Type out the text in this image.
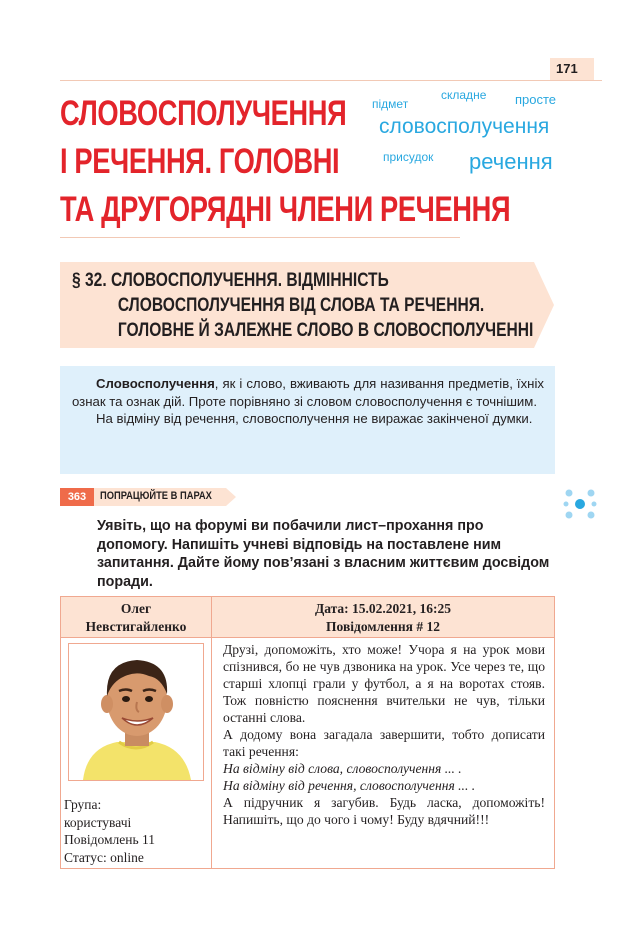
171
СЛОВОСПОЛУЧЕННЯ
І РЕЧЕННЯ. ГОЛОВНІ
ТА ДРУГОРЯДНІ ЧЛЕНИ РЕЧЕННЯ
підмет
складне просте
словосполучення
присудок речення
§ 32. СЛОВОСПОЛУЧЕННЯ. ВІДМІННІСТЬ
СЛОВОСПОЛУЧЕННЯ ВІД СЛОВА ТА РЕЧЕННЯ.
ГОЛОВНЕ Й ЗАЛЕЖНЕ СЛОВО В СЛОВОСПОЛУЧЕННІ

Словосполучення, як і слово, вживають для називання предметів, їхніх ознак та ознак дій. Проте порівняно зі словом словосполучення є точнішим.

На відміну від речення, словосполучення не виражає закінченої думки.

363	ПОПРАЦЮЙТЕ В ПАРАХ
Уявіть, що на форумі ви побачили лист–прохання про допомогу. Напишіть учневі відповідь на поставлене ним запитання. Дайте йому пов’язані з власним життєвим досвідом поради.
Олег
Невстигайленко
Дата: 15.02.2021, 16:25
Повідомлення # 12
Група:
користувачі
Повідомлень 11
Статус: online
Друзі, допоможіть, хто може! Учора я на урок мови спізнився, бо не чув дзвоника на урок. Усе через те, що старші хлопці грали у футбол, а я на воротах стояв. Тож повністю пояснення вчительки не чув, тільки останні слова.
А додому вона загадала завершити, тобто дописати такі речення:
На відміну від слова, словосполучення ... .
На відміну від речення, словосполучення ... .
А підручник я загубив. Будь ласка, допоможіть! Напишіть, що до чого і чому! Буду вдячний!!!
